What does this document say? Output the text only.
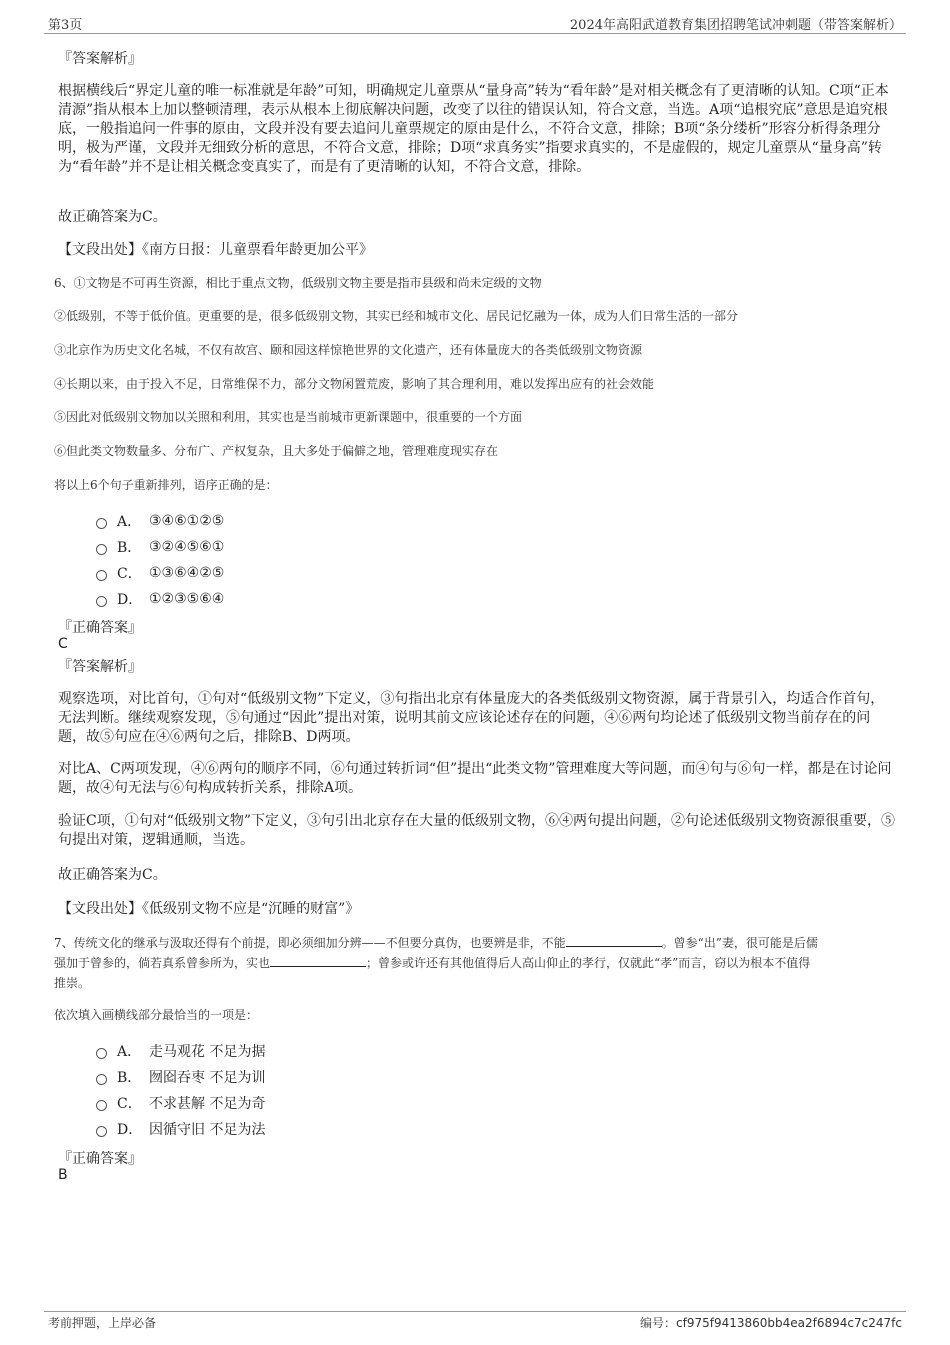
第3页	2024年高阳武道教育集团招聘笔试冲刺题（带答案解析）
『答案解析』
根据横线后“界定儿童的唯一标准就是年龄”可知，明确规定儿童票从“量身高”转为“看年龄”是对相关概念有了更清晰的认知。C项“正本清源”指从根本上加以整顿清理，表示从根本上彻底解决问题，改变了以往的错误认知，符合文意，当选。A项“追根究底”意思是追究根底，一般指追问一件事的原由，文段并没有要去追问儿童票规定的原由是什么，不符合文意，排除；B项“条分缕析”形容分析得条理分明，极为严谨，文段并无细致分析的意思，不符合文意，排除；D项“求真务实”指要求真实的，不是虚假的，规定儿童票从“量身高”转为“看年龄”并不是让相关概念变真实了，而是有了更清晰的认知，不符合文意，排除。
故正确答案为C。
【文段出处】《南方日报：儿童票看年龄更加公平》
6、①文物是不可再生资源，相比于重点文物，低级别文物主要是指市县级和尚未定级的文物
②低级别，不等于低价值。更重要的是，很多低级别文物，其实已经和城市文化、居民记忆融为一体，成为人们日常生活的一部分
③北京作为历史文化名城，不仅有故宫、颐和园这样惊艳世界的文化遗产，还有体量庞大的各类低级别文物资源
④长期以来，由于投入不足，日常维保不力，部分文物闲置荒废，影响了其合理利用，难以发挥出应有的社会效能
⑤因此对低级别文物加以关照和利用，其实也是当前城市更新课题中，很重要的一个方面
⑥但此类文物数量多、分布广、产权复杂，且大多处于偏僻之地，管理难度现实存在
将以上6个句子重新排列，语序正确的是：
A． ③④⑥①②⑤
B． ③②④⑤⑥①
C． ①③⑥④②⑤
D． ①②③⑤⑥④
『正确答案』
C
『答案解析』
观察选项，对比首句，①句对“低级别文物”下定义，③句指出北京有体量庞大的各类低级别文物资源，属于背景引入，均适合作首句，无法判断。继续观察发现，⑤句通过“因此”提出对策，说明其前文应该论述存在的问题，④⑥两句均论述了低级别文物当前存在的问题，故⑤句应在④⑥两句之后，排除B、D两项。
对比A、C两项发现，④⑥两句的顺序不同，⑥句通过转折词“但”提出“此类文物”管理难度大等问题，而④句与⑥句一样，都是在讨论问题，故④句无法与⑥句构成转折关系，排除A项。
验证C项，①句对“低级别文物”下定义，③句引出北京存在大量的低级别文物，⑥④两句提出问题，②句论述低级别文物资源很重要，⑤句提出对策，逻辑通顺，当选。
故正确答案为C。
【文段出处】《低级别文物不应是“沉睡的财富”》
7、传统文化的继承与汲取还得有个前提，即必须细加分辨——不但要分真伪，也要辨是非，不能	。曾参“出”妻，很可能是后儒
强加于曾参的，倘若真系曾参所为，实也	；曾参或许还有其他值得后人高山仰止的孝行，仅就此“孝”而言，窃以为根本不值得
推崇。
依次填入画横线部分最恰当的一项是：
A． 走马观花 不足为据
B． 囫囵吞枣 不足为训
C． 不求甚解 不足为奇
D． 因循守旧 不足为法
『正确答案』
B
考前押题，上岸必备	编号：cf975f9413860bb4ea2f6894c7c247fc
